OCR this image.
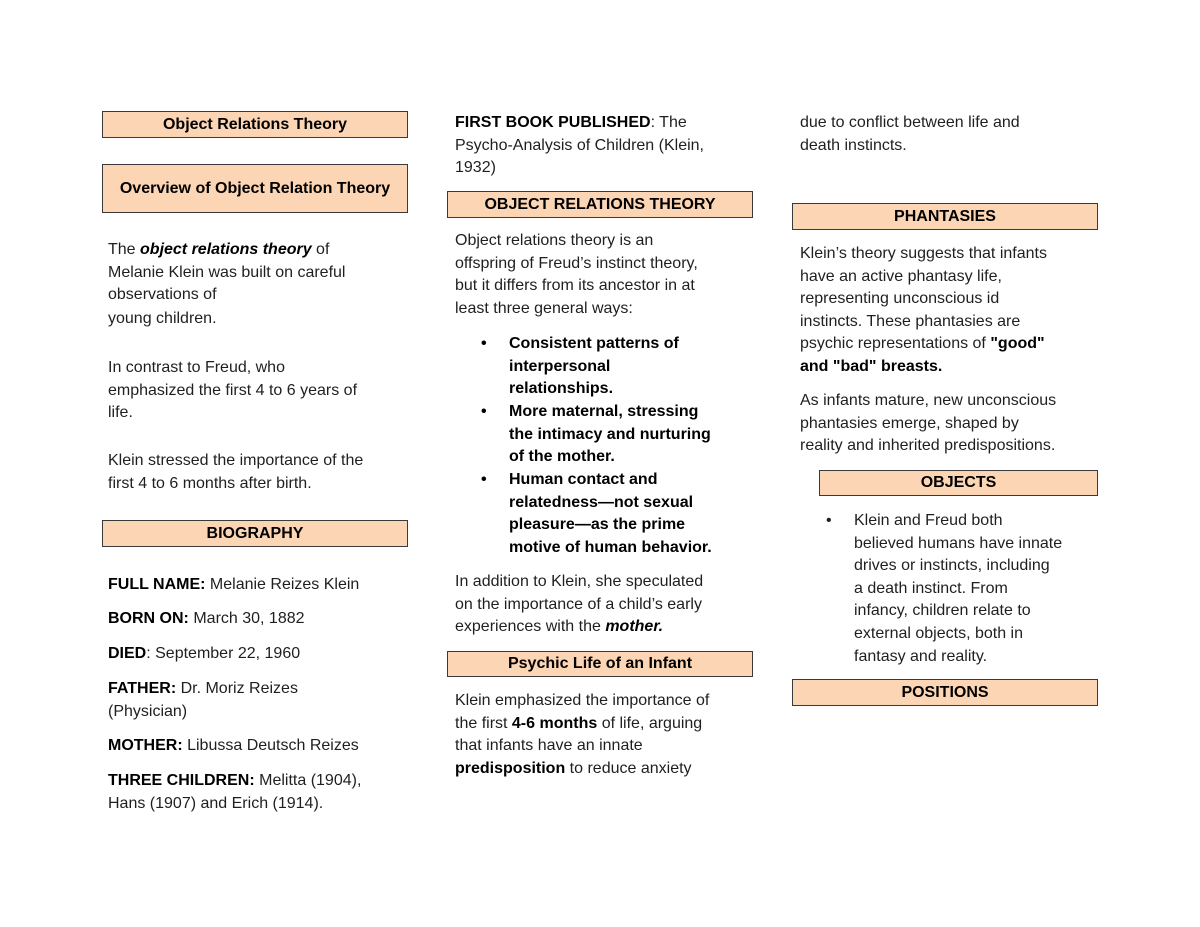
Object Relations Theory
Overview of Object Relation Theory
The object relations theory of
Melanie Klein was built on careful
observations of
young children.
In contrast to Freud, who
emphasized the first 4 to 6 years of
life.
Klein stressed the importance of the
first 4 to 6 months after birth.
BIOGRAPHY
FULL NAME: Melanie Reizes Klein
BORN ON: March 30, 1882
DIED: September 22, 1960
FATHER: Dr. Moriz Reizes
(Physician)
MOTHER: Libussa Deutsch Reizes
THREE CHILDREN: Melitta (1904),
Hans (1907) and Erich (1914).
FIRST BOOK PUBLISHED: The
Psycho-Analysis of Children (Klein,
1932)
OBJECT RELATIONS THEORY
Object relations theory is an
offspring of Freud’s instinct theory,
but it differs from its ancestor in at
least three general ways:
• Consistent patterns of
interpersonal
relationships.
• More maternal, stressing
the intimacy and nurturing
of the mother.
• Human contact and
relatedness—not sexual
pleasure—as the prime
motive of human behavior.
In addition to Klein, she speculated
on the importance of a child’s early
experiences with the mother.
Psychic Life of an Infant
Klein emphasized the importance of
the first 4-6 months of life, arguing
that infants have an innate
predisposition to reduce anxiety
due to conflict between life and
death instincts.
PHANTASIES
Klein’s theory suggests that infants
have an active phantasy life,
representing unconscious id
instincts. These phantasies are
psychic representations of "good"
and "bad" breasts.
As infants mature, new unconscious
phantasies emerge, shaped by
reality and inherited predispositions.
OBJECTS
• Klein and Freud both
believed humans have innate
drives or instincts, including
a death instinct. From
infancy, children relate to
external objects, both in
fantasy and reality.
POSITIONS
